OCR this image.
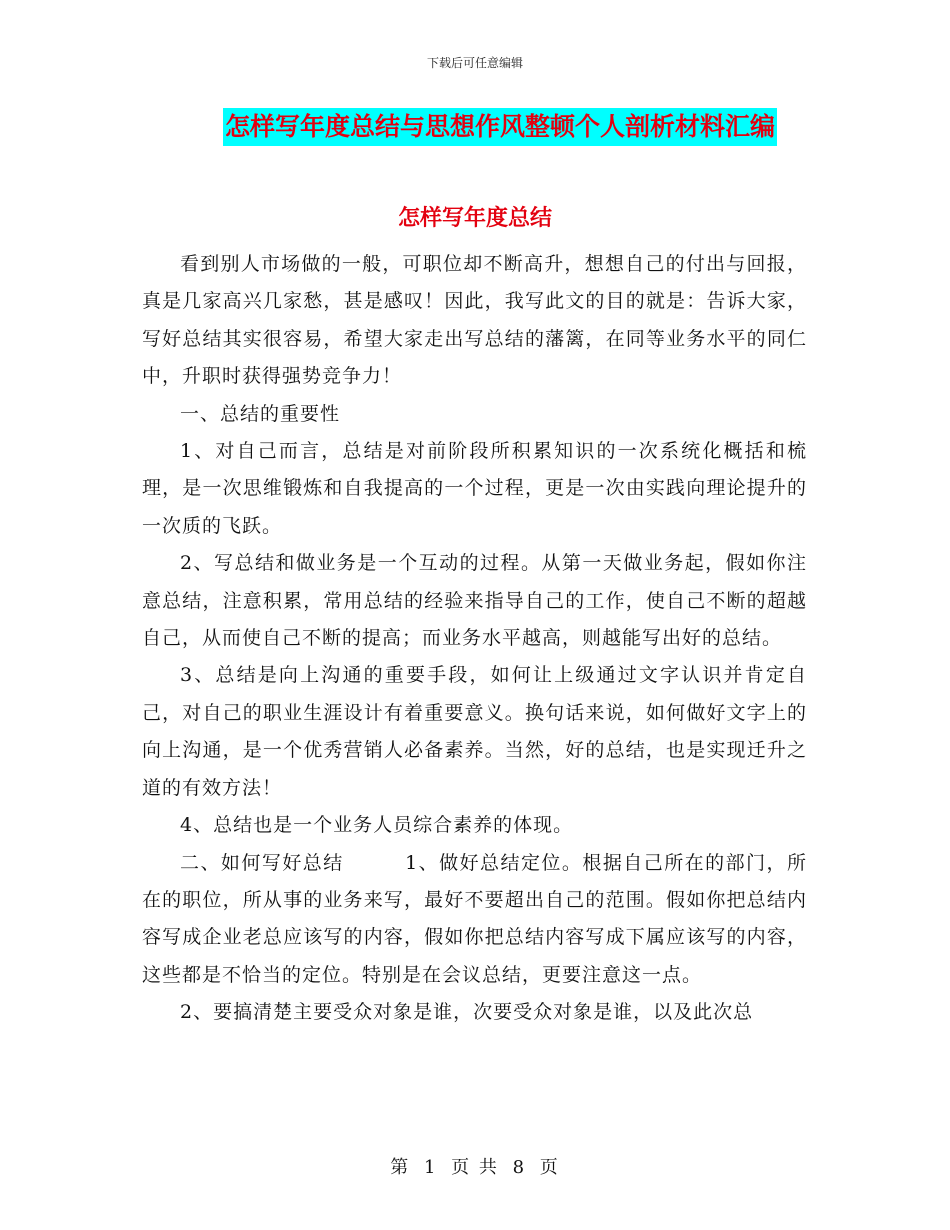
下载后可任意编辑
怎样写年度总结与思想作风整顿个人剖析材料汇编
怎样写年度总结

看到别人市场做的一般，可职位却不断高升，想想自己的付出与回报，真是几家高兴几家愁，甚是感叹！因此，我写此文的目的就是：告诉大家，写好总结其实很容易，希望大家走出写总结的藩篱，在同等业务水平的同仁中，升职时获得强势竞争力！

一、总结的重要性

1、对自己而言，总结是对前阶段所积累知识的一次系统化概括和梳理，是一次思维锻炼和自我提高的一个过程，更是一次由实践向理论提升的一次质的飞跃。

2、写总结和做业务是一个互动的过程。从第一天做业务起，假如你注意总结，注意积累，常用总结的经验来指导自己的工作，使自己不断的超越自己，从而使自己不断的提高；而业务水平越高，则越能写出好的总结。

3、总结是向上沟通的重要手段，如何让上级通过文字认识并肯定自己，对自己的职业生涯设计有着重要意义。换句话来说，如何做好文字上的向上沟通，是一个优秀营销人必备素养。当然，好的总结，也是实现迁升之道的有效方法！

4、总结也是一个业务人员综合素养的体现。

二、如何写好总结　　　1、做好总结定位。根据自己所在的部门，所在的职位，所从事的业务来写，最好不要超出自己的范围。假如你把总结内容写成企业老总应该写的内容，假如你把总结内容写成下属应该写的内容，这些都是不恰当的定位。特别是在会议总结，更要注意这一点。

2、要搞清楚主要受众对象是谁，次要受众对象是谁，以及此次总

第 1 页 共 8 页
